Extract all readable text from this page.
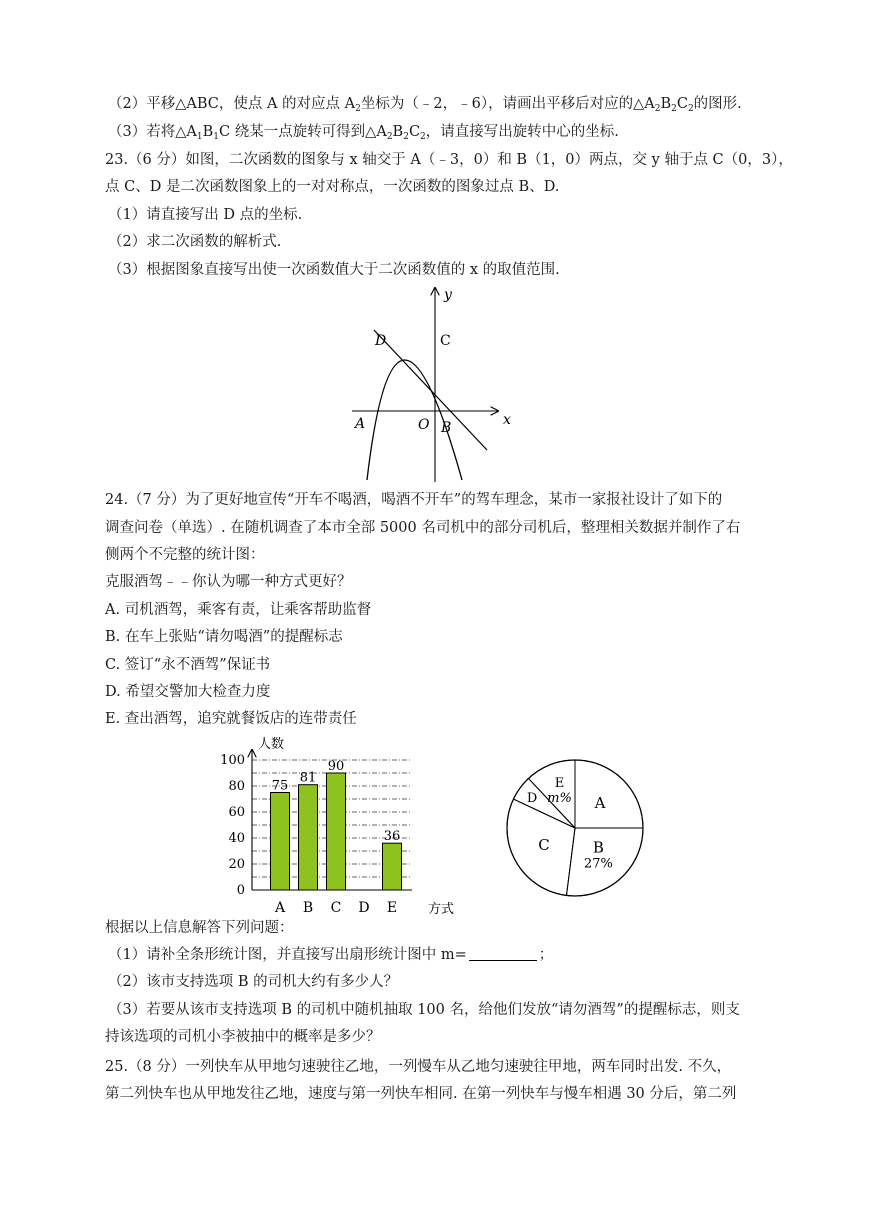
（2）平移△ABC，使点 A 的对应点 $A_2$坐标为（﹣2，﹣6），请画出平移后对应的$\triangle A_2B_2C_2$的图形.
（3）若将$\triangle A_1B_1C$ 绕某一点旋转可得到$\triangle A_2B_2C_2$，请直接写出旋转中心的坐标.
23.（6 分）如图，二次函数的图象与 x 轴交于 A（﹣3，0）和 B（1，0）两点，交 y 轴于点 C（0，3），
点 C、D 是二次函数图象上的一对对称点，一次函数的图象过点 B、D.
（1）请直接写出 D 点的坐标.
（2）求二次函数的解析式.
（3）根据图象直接写出使一次函数值大于二次函数值的 x 的取值范围.
y
x
D	C
A	O B
24.（7 分）为了更好地宣传“开车不喝酒，喝酒不开车”的驾车理念，某市一家报社设计了如下的
调查问卷（单选）. 在随机调查了本市全部 5000 名司机中的部分司机后，整理相关数据并制作了右
侧两个不完整的统计图：
克服酒驾﹣﹣你认为哪一种方式更好？
A. 司机酒驾，乘客有责，让乘客帮助监督
B. 在车上张贴“请勿喝酒”的提醒标志
C. 签订“永不酒驾”保证书
D. 希望交警加大检查力度
E. 查出酒驾，追究就餐饭店的连带责任
0
20
40
60
80
100
75
A
81
B
90
C D
36
E
人数
方式
A
B
27%
C
D
E
m%
根据以上信息解答下列问题：
（1）请补全条形统计图，并直接写出扇形统计图中 m=	；
（2）该市支持选项 B 的司机大约有多少人？
（3）若要从该市支持选项 B 的司机中随机抽取 100 名，给他们发放“请勿酒驾”的提醒标志，则支
持该选项的司机小李被抽中的概率是多少？
25.（8 分）一列快车从甲地匀速驶往乙地，一列慢车从乙地匀速驶往甲地，两车同时出发. 不久，
第二列快车也从甲地发往乙地，速度与第一列快车相同. 在第一列快车与慢车相遇 30 分后，第二列
